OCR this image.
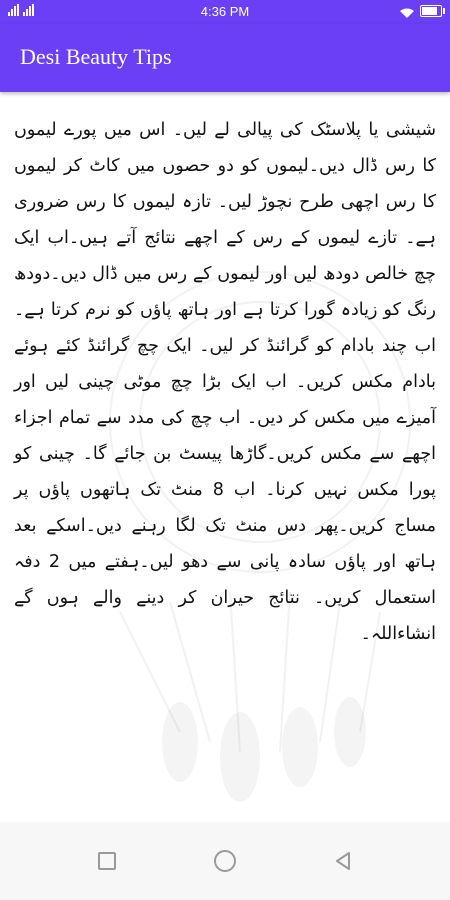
4:36 PM
Desi Beauty Tips
شیشی یا پلاسٹک کی پیالی لے لیں۔ اس میں پورے لیموں کا رس ڈال دیں۔لیموں کو دو حصوں میں کاٹ کر لیموں کا رس اچھی طرح نچوڑ لیں۔ تازہ لیموں کا رس ضروری ہے۔ تازے لیموں کے رس کے اچھے نتائج آتے ہیں۔اب ایک چچ خالص دودھ لیں اور لیموں کے رس میں ڈال دیں۔دودھ رنگ کو زیادہ گورا کرتا ہے اور ہاتھ پاؤں کو نرم کرتا ہے۔ اب چند بادام کو گرائنڈ کر لیں۔ ایک چچ گرائنڈ کئے ہوئے بادام مکس کریں۔ اب ایک بڑا چچ موٹی چینی لیں اور آمیزے میں مکس کر دیں۔ اب چچ کی مدد سے تمام اجزاء اچھے سے مکس کریں۔گاڑھا پیسٹ بن جائے گا۔ چینی کو پورا مکس نہیں کرنا۔ اب 8 منٹ تک ہاتھوں پاؤں پر مساج کریں۔پھر دس منٹ تک لگا رہنے دیں۔اسکے بعد ہاتھ اور پاؤں سادہ پانی سے دھو لیں۔ہفتے میں 2 دفہ استعمال کریں۔ نتائج حیران کر دینے والے ہوں گے انشاءاللہ۔
